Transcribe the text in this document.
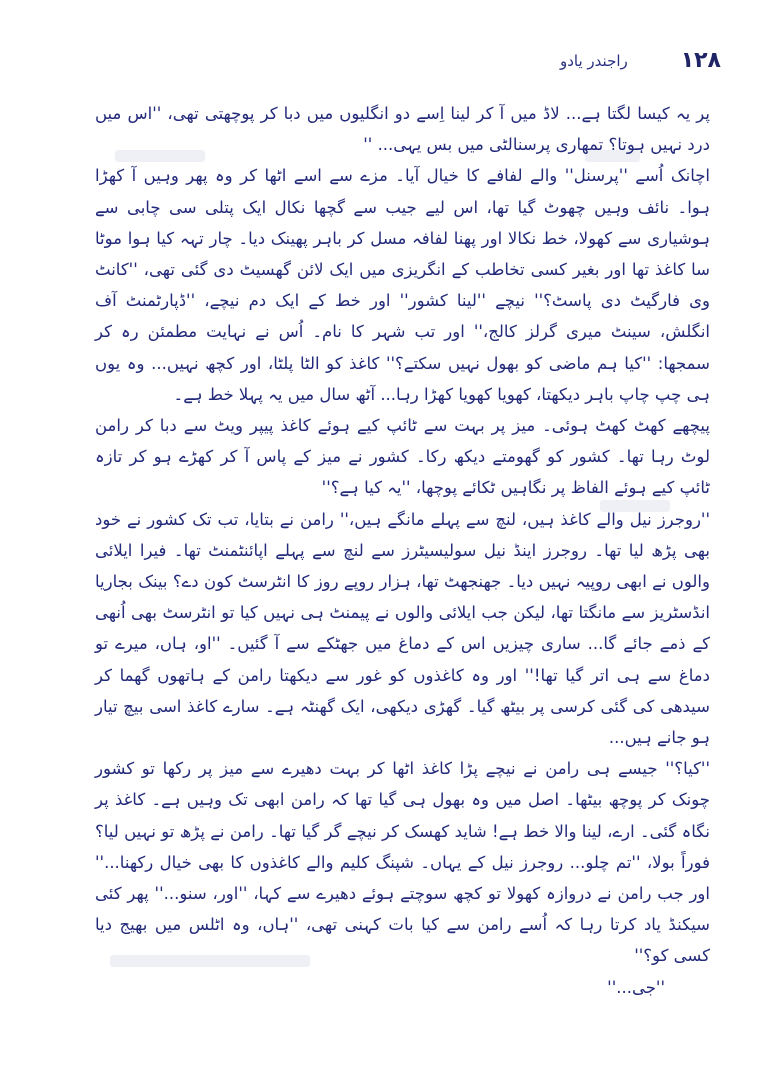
۱۲۸
راجندر یادو

پر یہ کیسا لگتا ہے... لاڈ میں آ کر لینا اِسے دو انگلیوں میں دبا کر پوچھتی تھی، ''اس میں درد نہیں ہوتا؟ تمھاری پرسنالٹی میں بس یہی... ''

اچانک اُسے ''پرسنل'' والے لفافے کا خیال آیا۔ مزے سے اسے اٹھا کر وہ پھر وہیں آ کھڑا ہوا۔ نائف وہیں چھوٹ گیا تھا، اس لیے جیب سے گچھا نکال ایک پتلی سی چابی سے ہوشیاری سے کھولا، خط نکالا اور پھنا لفافہ مسل کر باہر پھینک دیا۔ چار تہہ کیا ہوا موٹا سا کاغذ تھا اور بغیر کسی تخاطب کے انگریزی میں ایک لائن گھسیٹ دی گئی تھی، ''کانٹ وی فارگیٹ دی پاسٹ؟'' نیچے ''لینا کشور'' اور خط کے ایک دم نیچے، ''ڈپارٹمنٹ آف انگلش، سینٹ میری گرلز کالج،'' اور تب شہر کا نام۔ اُس نے نہایت مطمئن رہ کر سمجھا: ''کیا ہم ماضی کو بھول نہیں سکتے؟'' کاغذ کو الٹا پلٹا، اور کچھ نہیں... وہ یوں ہی چپ چاپ باہر دیکھتا، کھویا کھویا کھڑا رہا... آٹھ سال میں یہ پہلا خط ہے۔

پیچھے کھٹ کھٹ ہوئی۔ میز پر بہت سے ٹائپ کیے ہوئے کاغذ پیپر ویٹ سے دبا کر رامن لوٹ رہا تھا۔ کشور کو گھومتے دیکھ رکا۔ کشور نے میز کے پاس آ کر کھڑے ہو کر تازہ ٹائپ کیے ہوئے الفاظ پر نگاہیں ٹکائے پوچھا، ''یہ کیا ہے؟''

''روجرز نیل والے کاغذ ہیں، لنچ سے پہلے مانگے ہیں،'' رامن نے بتایا، تب تک کشور نے خود بھی پڑھ لیا تھا۔ روجرز اینڈ نیل سولیسیٹرز سے لنچ سے پہلے اپائنٹمنٹ تھا۔ فیرا ایلائی والوں نے ابھی روپیہ نہیں دیا۔ جھنجھٹ تھا، ہزار روپے روز کا انٹرسٹ کون دے؟ بینک بجاریا انڈسٹریز سے مانگتا تھا، لیکن جب ایلائی والوں نے پیمنٹ ہی نہیں کیا تو انٹرسٹ بھی اُنھی کے ذمے جائے گا... ساری چیزیں اس کے دماغ میں جھٹکے سے آ گئیں۔ ''او، ہاں، میرے تو دماغ سے ہی اتر گیا تھا!'' اور وہ کاغذوں کو غور سے دیکھتا رامن کے ہاتھوں گھما کر سیدھی کی گئی کرسی پر بیٹھ گیا۔ گھڑی دیکھی، ایک گھنٹہ ہے۔ سارے کاغذ اسی بیچ تیار ہو جانے ہیں...

''کیا؟'' جیسے ہی رامن نے نیچے پڑا کاغذ اٹھا کر بہت دھیرے سے میز پر رکھا تو کشور چونک کر پوچھ بیٹھا۔ اصل میں وہ بھول ہی گیا تھا کہ رامن ابھی تک وہیں ہے۔ کاغذ پر نگاہ گئی۔ ارے، لینا والا خط ہے! شاید کھسک کر نیچے گر گیا تھا۔ رامن نے پڑھ تو نہیں لیا؟ فوراً بولا، ''تم چلو... روجرز نیل کے یہاں۔ شپنگ کلیم والے کاغذوں کا بھی خیال رکھنا...'' اور جب رامن نے دروازہ کھولا تو کچھ سوچتے ہوئے دھیرے سے کہا، ''اور، سنو...'' پھر کئی سیکنڈ یاد کرتا رہا کہ اُسے رامن سے کیا بات کہنی تھی، ''ہاں، وہ اٹلس میں بھیج دیا کسی کو؟''

''جی...''
